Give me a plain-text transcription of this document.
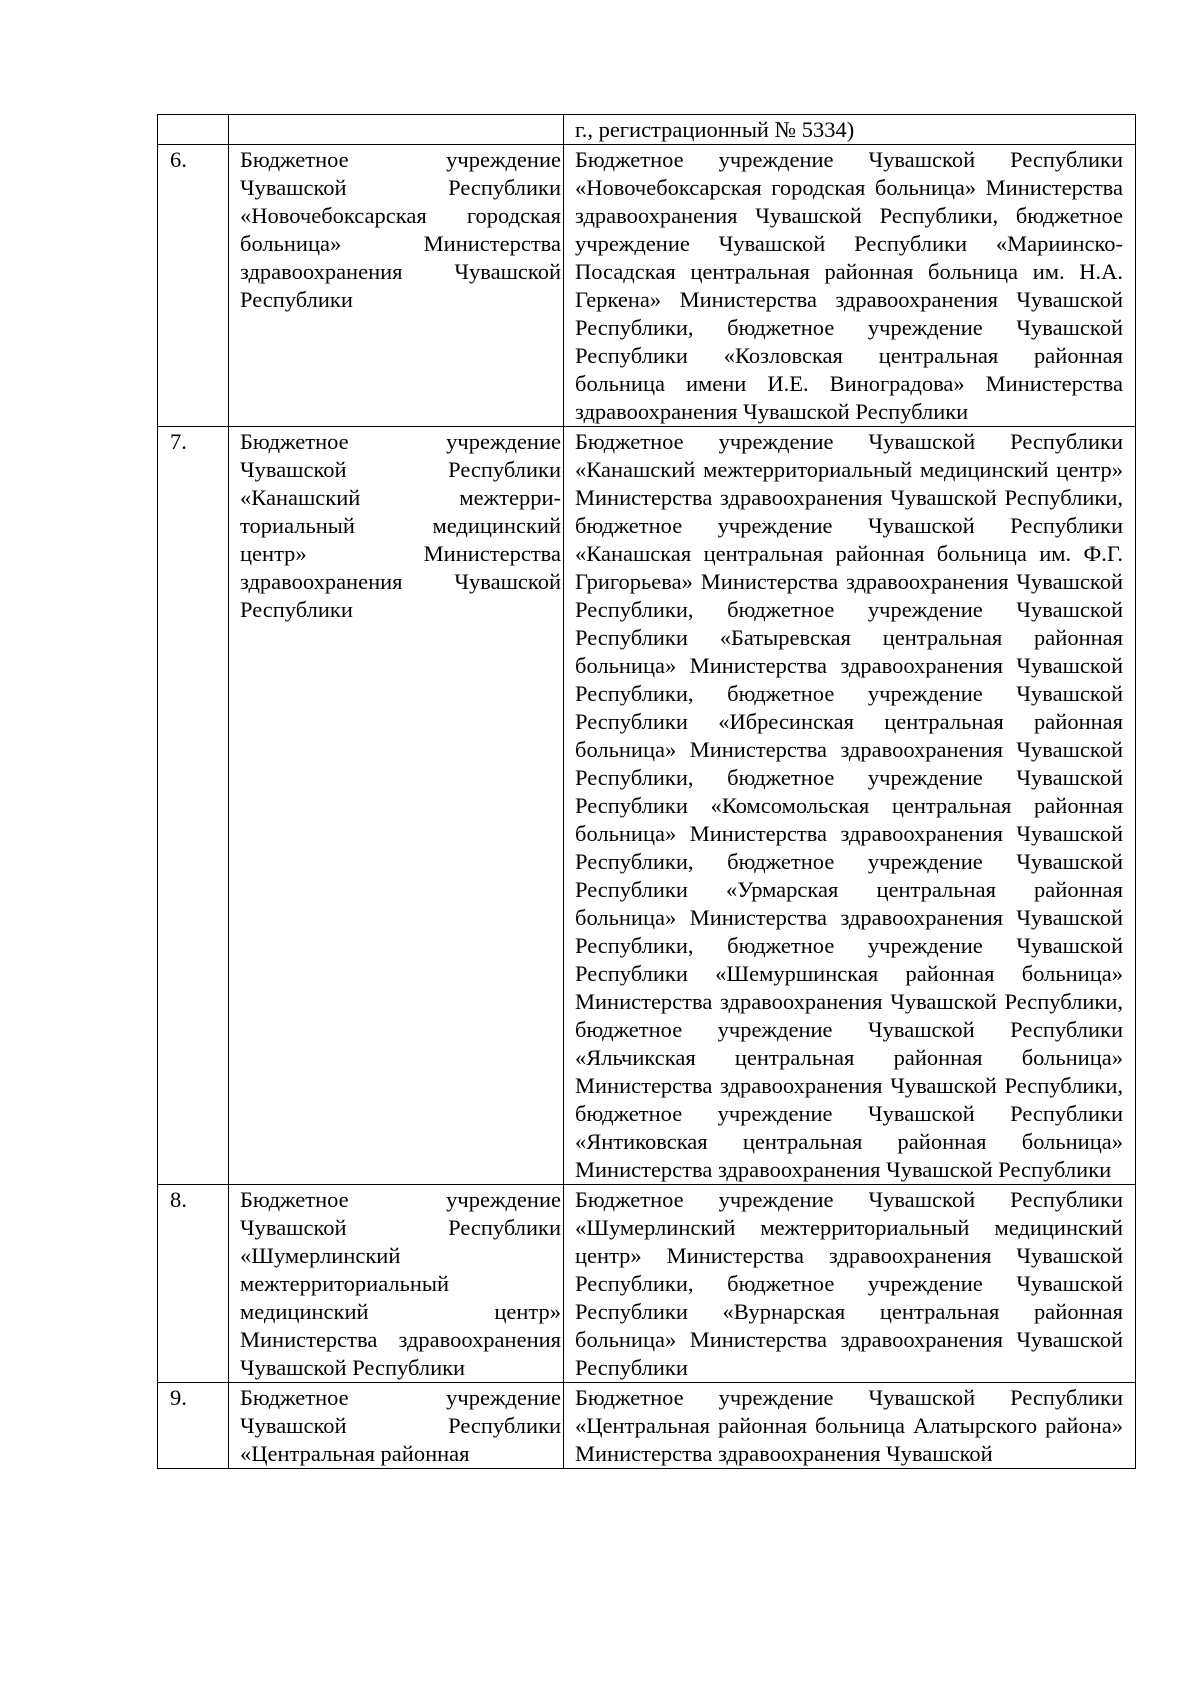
		г., регистрационный № 5334)
6.	Бюджетное учреждение Чувашской Республики «Новочебоксарская городская больница» Министерства здравоохранения Чувашской Республики	Бюджетное учреждение Чувашской Республики «Новочебоксарская городская больница» Министерства здравоохранения Чувашской Республики, бюджетное учреждение Чувашской Республики «Мариинско-Посадская центральная районная больница им. Н.А. Геркена» Министерства здравоохранения Чувашской Республики, бюджетное учреждение Чувашской Республики «Козловская центральная районная больница имени И.Е. Виноградова» Министерства здравоохранения Чувашской Республики
7.	Бюджетное учреждение Чувашской Республики «Канашский межтерри-ториальный медицинский центр» Министерства здравоохранения Чувашской Республики	Бюджетное учреждение Чувашской Республики «Канашский межтерриториальный медицинский центр» Министерства здравоохранения Чувашской Республики, бюджетное учреждение Чувашской Республики «Канашская центральная районная больница им. Ф.Г. Григорьева» Министерства здравоохранения Чувашской Республики, бюджетное учреждение Чувашской Республики «Батыревская центральная районная больница» Министерства здравоохранения Чувашской Республики, бюджетное учреждение Чувашской Республики «Ибресинская центральная районная больница» Министерства здравоохранения Чувашской Республики, бюджетное учреждение Чувашской Республики «Комсомольская центральная районная больница» Министерства здравоохранения Чувашской Республики, бюджетное учреждение Чувашской Республики «Урмарская центральная районная больница» Министерства здравоохранения Чувашской Республики, бюджетное учреждение Чувашской Республики «Шемуршинская районная больница» Министерства здравоохранения Чувашской Республики, бюджетное учреждение Чувашской Республики «Яльчикская центральная районная больница» Министерства здравоохранения Чувашской Республики, бюджетное учреждение Чувашской Республики «Янтиковская центральная районная больница» Министерства здравоохранения Чувашской Республики
8.	Бюджетное учреждение Чувашской Республики «Шумерлинский межтерриториальный медицинский центр» Министерства здравоохранения Чувашской Республики	Бюджетное учреждение Чувашской Республики «Шумерлинский межтерриториальный медицинский центр» Министерства здравоохранения Чувашской Республики, бюджетное учреждение Чувашской Республики «Вурнарская центральная районная больница» Министерства здравоохранения Чувашской Республики
9.	Бюджетное учреждение Чувашской Республики «Центральная районная	Бюджетное учреждение Чувашской Республики «Центральная районная больница Алатырского района» Министерства здравоохранения Чувашской
